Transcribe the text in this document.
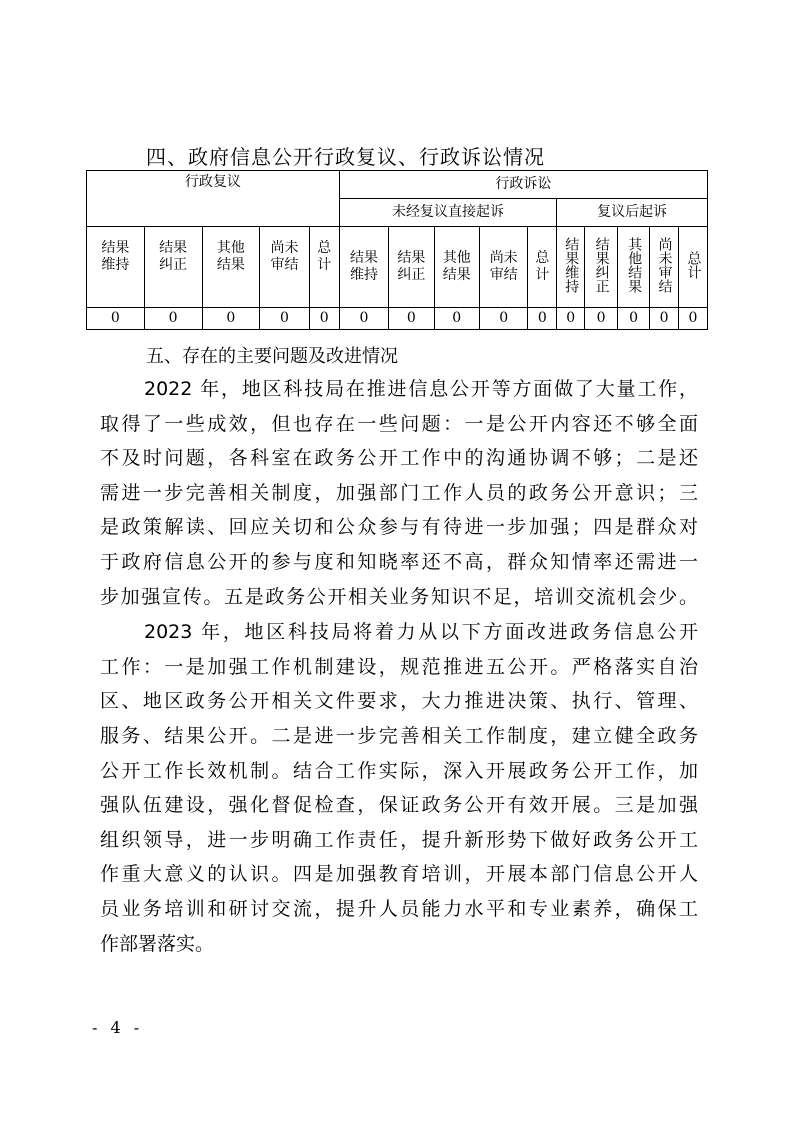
四、政府信息公开行政复议、行政诉讼情况
行政复议					行政诉讼									
					未经复议直接起诉					复议后起诉				
结果维持	结果纠正	其他结果	尚未审结	总计	结果维持	结果纠正	其他结果	尚未审结	总计	结果维持	结果纠正	其他结果	尚未审结	总计
0	0	0	0	0	0	0	0	0	0	0	0	0	0	0
五、存在的主要问题及改进情况
2022 年，地区科技局在推进信息公开等方面做了大量工作，
取得了一些成效，但也存在一些问题：一是公开内容还不够全面
不及时问题，各科室在政务公开工作中的沟通协调不够；二是还
需进一步完善相关制度，加强部门工作人员的政务公开意识；三
是政策解读、回应关切和公众参与有待进一步加强；四是群众对
于政府信息公开的参与度和知晓率还不高，群众知情率还需进一
步加强宣传。五是政务公开相关业务知识不足，培训交流机会少。
2023 年，地区科技局将着力从以下方面改进政务信息公开
工作：一是加强工作机制建设，规范推进五公开。严格落实自治
区、地区政务公开相关文件要求，大力推进决策、执行、管理、
服务、结果公开。二是进一步完善相关工作制度，建立健全政务
公开工作长效机制。结合工作实际，深入开展政务公开工作，加
强队伍建设，强化督促检查，保证政务公开有效开展。三是加强
组织领导，进一步明确工作责任，提升新形势下做好政务公开工
作重大意义的认识。四是加强教育培训，开展本部门信息公开人
员业务培训和研讨交流，提升人员能力水平和专业素养，确保工
作部署落实。
- 4 -
